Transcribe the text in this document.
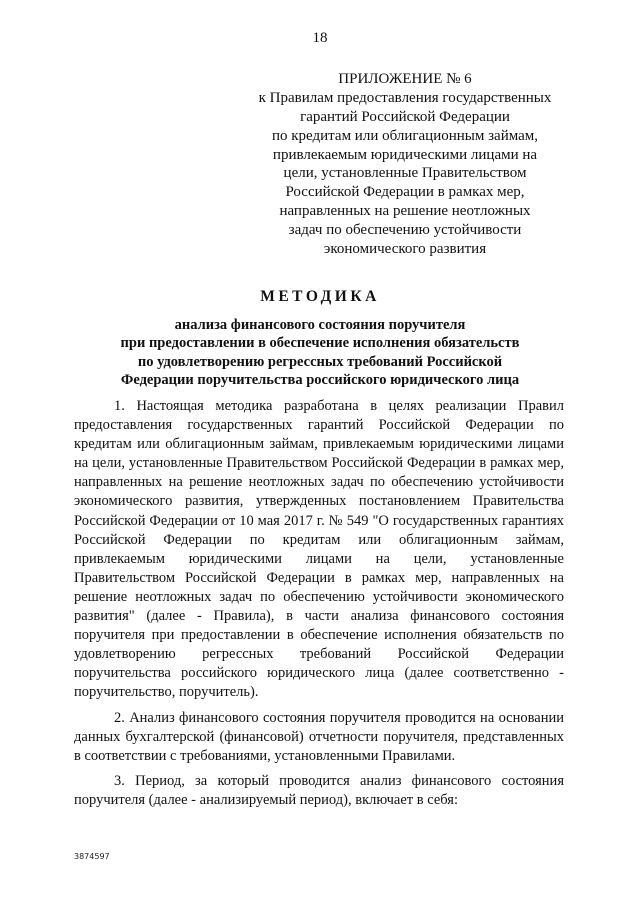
18
ПРИЛОЖЕНИЕ № 6
к Правилам предоставления государственных
гарантий Российской Федерации
по кредитам или облигационным займам,
привлекаемым юридическими лицами на
цели, установленные Правительством
Российской Федерации в рамках мер,
направленных на решение неотложных
задач по обеспечению устойчивости
экономического развития
МЕТОДИКА
анализа финансового состояния поручителя
при предоставлении в обеспечение исполнения обязательств
по удовлетворению регрессных требований Российской
Федерации поручительства российского юридического лица

1. Настоящая методика разработана в целях реализации Правил предоставления государственных гарантий Российской Федерации по кредитам или облигационным займам, привлекаемым юридическими лицами на цели, установленные Правительством Российской Федерации в рамках мер, направленных на решение неотложных задач по обеспечению устойчивости экономического развития, утвержденных постановлением Правительства Российской Федерации от 10 мая 2017 г. № 549 "О государственных гарантиях Российской Федерации по кредитам или облигационным займам, привлекаемым юридическими лицами на цели, установленные Правительством Российской Федерации в рамках мер, направленных на решение неотложных задач по обеспечению устойчивости экономического развития" (далее - Правила), в части анализа финансового состояния поручителя при предоставлении в обеспечение исполнения обязательств по удовлетворению регрессных требований Российской Федерации поручительства российского юридического лица (далее соответственно - поручительство, поручитель).

2. Анализ финансового состояния поручителя проводится на основании данных бухгалтерской (финансовой) отчетности поручителя, представленных в соответствии с требованиями, установленными Правилами.

3. Период, за который проводится анализ финансового состояния поручителя (далее - анализируемый период), включает в себя:

3874597
